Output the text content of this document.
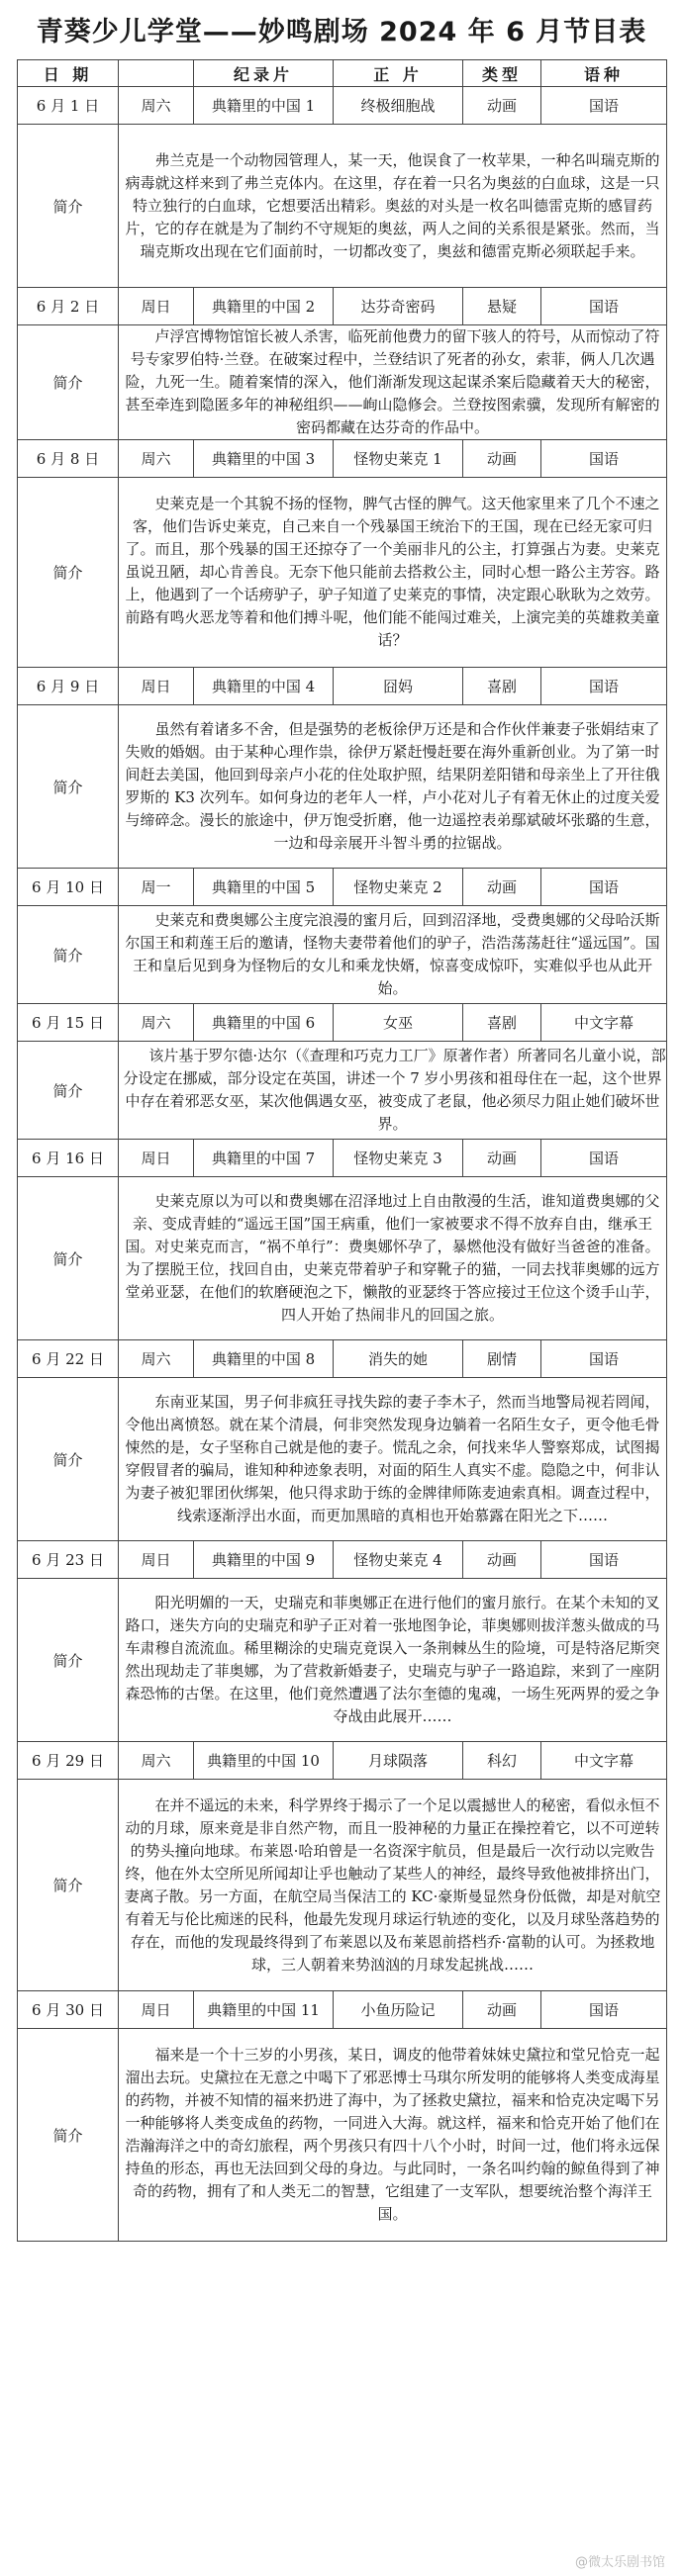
青葵少儿学堂——妙鸣剧场 2024 年 6 月节目表
日 期		纪录片	正 片	类型	语种
6 月 1 日	周六	典籍里的中国 1	终极细胞战	动画	国语
简介	弗兰克是一个动物园管理人，某一天，他误食了一枚苹果，一种名叫瑞克斯的病毒就这样来到了弗兰克体内。在这里，存在着一只名为奥兹的白血球，这是一只特立独行的白血球，它想要活出精彩。奥兹的对头是一枚名叫德雷克斯的感冒药片，它的存在就是为了制约不守规矩的奥兹，两人之间的关系很是紧张。然而，当瑞克斯攻出现在它们面前时，一切都改变了，奥兹和德雷克斯必须联起手来。				
6 月 2 日	周日	典籍里的中国 2	达芬奇密码	悬疑	国语
简介	卢浮宫博物馆馆长被人杀害，临死前他费力的留下骇人的符号，从而惊动了符号专家罗伯特·兰登。在破案过程中，兰登结识了死者的孙女，索菲，俩人几次遇险，九死一生。随着案情的深入，他们渐渐发现这起谋杀案后隐藏着天大的秘密，甚至牵连到隐匿多年的神秘组织——峋山隐修会。兰登按图索骥，发现所有解密的密码都藏在达芬奇的作品中。				
6 月 8 日	周六	典籍里的中国 3	怪物史莱克 1	动画	国语
简介	史莱克是一个其貌不扬的怪物，脾气古怪的脾气。这天他家里来了几个不速之客，他们告诉史莱克，自己来自一个残暴国王统治下的王国，现在已经无家可归了。而且，那个残暴的国王还掠夺了一个美丽非凡的公主，打算强占为妻。史莱克虽说丑陋，却心肯善良。无奈下他只能前去搭救公主，同时心想一路公主芳容。路上，他遇到了一个话痨驴子，驴子知道了史莱克的事情，决定跟心耿耿为之效劳。前路有鸣火恶龙等着和他们搏斗呢，他们能不能闯过难关，上演完美的英雄救美童话？				
6 月 9 日	周日	典籍里的中国 4	囧妈	喜剧	国语
简介	虽然有着诸多不舍，但是强势的老板徐伊万还是和合作伙伴兼妻子张娟结束了失败的婚姻。由于某种心理作祟，徐伊万紧赶慢赶要在海外重新创业。为了第一时间赶去美国，他回到母亲卢小花的住处取护照，结果阴差阳错和母亲坐上了开往俄罗斯的 K3 次列车。如何身边的老年人一样，卢小花对儿子有着无休止的过度关爱与缔碎念。漫长的旅途中，伊万饱受折磨，他一边遥控表弟鄢斌破坏张璐的生意，一边和母亲展开斗智斗勇的拉锯战。				
6 月 10 日	周一	典籍里的中国 5	怪物史莱克 2	动画	国语
简介	史莱克和费奥娜公主度完浪漫的蜜月后，回到沼泽地，受费奥娜的父母哈沃斯尔国王和莉莲王后的邀请，怪物夫妻带着他们的驴子，浩浩荡荡赶往“遥远国”。国王和皇后见到身为怪物后的女儿和乘龙快婿，惊喜变成惊吓，实难似乎也从此开始。				
6 月 15 日	周六	典籍里的中国 6	女巫	喜剧	中文字幕
简介	该片基于罗尔德·达尔（《查理和巧克力工厂》原著作者）所著同名儿童小说，部分设定在挪威，部分设定在英国，讲述一个 7 岁小男孩和祖母住在一起，这个世界中存在着邪恶女巫，某次他偶遇女巫，被变成了老鼠，他必须尽力阻止她们破坏世界。				
6 月 16 日	周日	典籍里的中国 7	怪物史莱克 3	动画	国语
简介	史莱克原以为可以和费奥娜在沼泽地过上自由散漫的生活，谁知道费奥娜的父亲、变成青蛙的“遥远王国”国王病重，他们一家被要求不得不放弃自由，继承王国。对史莱克而言，“祸不单行”：费奥娜怀孕了，暴燃他没有做好当爸爸的准备。为了摆脱王位，找回自由，史莱克带着驴子和穿靴子的猫，一同去找菲奥娜的远方堂弟亚瑟，在他们的软磨硬泡之下，懒散的亚瑟终于答应接过王位这个烫手山芋，四人开始了热闹非凡的回国之旅。				
6 月 22 日	周六	典籍里的中国 8	消失的她	剧情	国语
简介	东南亚某国，男子何非疯狂寻找失踪的妻子李木子，然而当地警局视若罔闻，令他出离愤怒。就在某个清晨，何非突然发现身边躺着一名陌生女子，更令他毛骨悚然的是，女子坚称自己就是他的妻子。慌乱之余，何找来华人警察郑成，试图揭穿假冒者的骗局，谁知种种迹象表明，对面的陌生人真实不虚。隐隐之中，何非认为妻子被犯罪团伙绑架，他只得求助于练的金牌律师陈麦迪索真相。调查过程中，线索逐渐浮出水面，而更加黑暗的真相也开始慕露在阳光之下……				
6 月 23 日	周日	典籍里的中国 9	怪物史莱克 4	动画	国语
简介	阳光明媚的一天，史瑞克和菲奥娜正在进行他们的蜜月旅行。在某个未知的叉路口，迷失方向的史瑞克和驴子正对着一张地图争论，菲奥娜则拔洋葱头做成的马车肃穆自流流血。稀里糊涂的史瑞克竟误入一条荆棘丛生的险境，可是特洛尼斯突然出现劫走了菲奥娜，为了营救新婚妻子，史瑞克与驴子一路追踪，来到了一座阴森恐怖的古堡。在这里，他们竟然遭遇了法尔奎德的鬼魂，一场生死两界的爱之争夺战由此展开……				
6 月 29 日	周六	典籍里的中国 10	月球陨落	科幻	中文字幕
简介	在并不遥远的未来，科学界终于揭示了一个足以震撼世人的秘密，看似永恒不动的月球，原来竟是非自然产物，而且一股神秘的力量正在操控着它，以不可逆转的势头撞向地球。布莱恩·哈珀曾是一名资深宇航员，但是最后一次行动以完败告终，他在外太空所见所闻却让乎也触动了某些人的神经，最终导致他被排挤出门，妻离子散。另一方面，在航空局当保洁工的 KC·豪斯曼显然身份低微，却是对航空有着无与伦比痴迷的民科，他最先发现月球运行轨迹的变化，以及月球坠落趋势的存在，而他的发现最终得到了布莱恩以及布莱恩前搭档乔·富勒的认可。为拯救地球，三人朝着来势汹汹的月球发起挑战……				
6 月 30 日	周日	典籍里的中国 11	小鱼历险记	动画	国语
简介	福来是一个十三岁的小男孩，某日，调皮的他带着妹妹史黛拉和堂兄恰克一起溜出去玩。史黛拉在无意之中喝下了邪恶博士马琪尔所发明的能够将人类变成海星的药物，并被不知情的福来扔进了海中，为了拯救史黛拉，福来和恰克决定喝下另一种能够将人类变成鱼的药物，一同进入大海。就这样，福来和恰克开始了他们在浩瀚海洋之中的奇幻旅程，两个男孩只有四十八个小时，时间一过，他们将永远保持鱼的形态，再也无法回到父母的身边。与此同时，一条名叫约翰的鲸鱼得到了神奇的药物，拥有了和人类无二的智慧，它组建了一支军队，想要统治整个海洋王国。				
@微太乐剧书馆
